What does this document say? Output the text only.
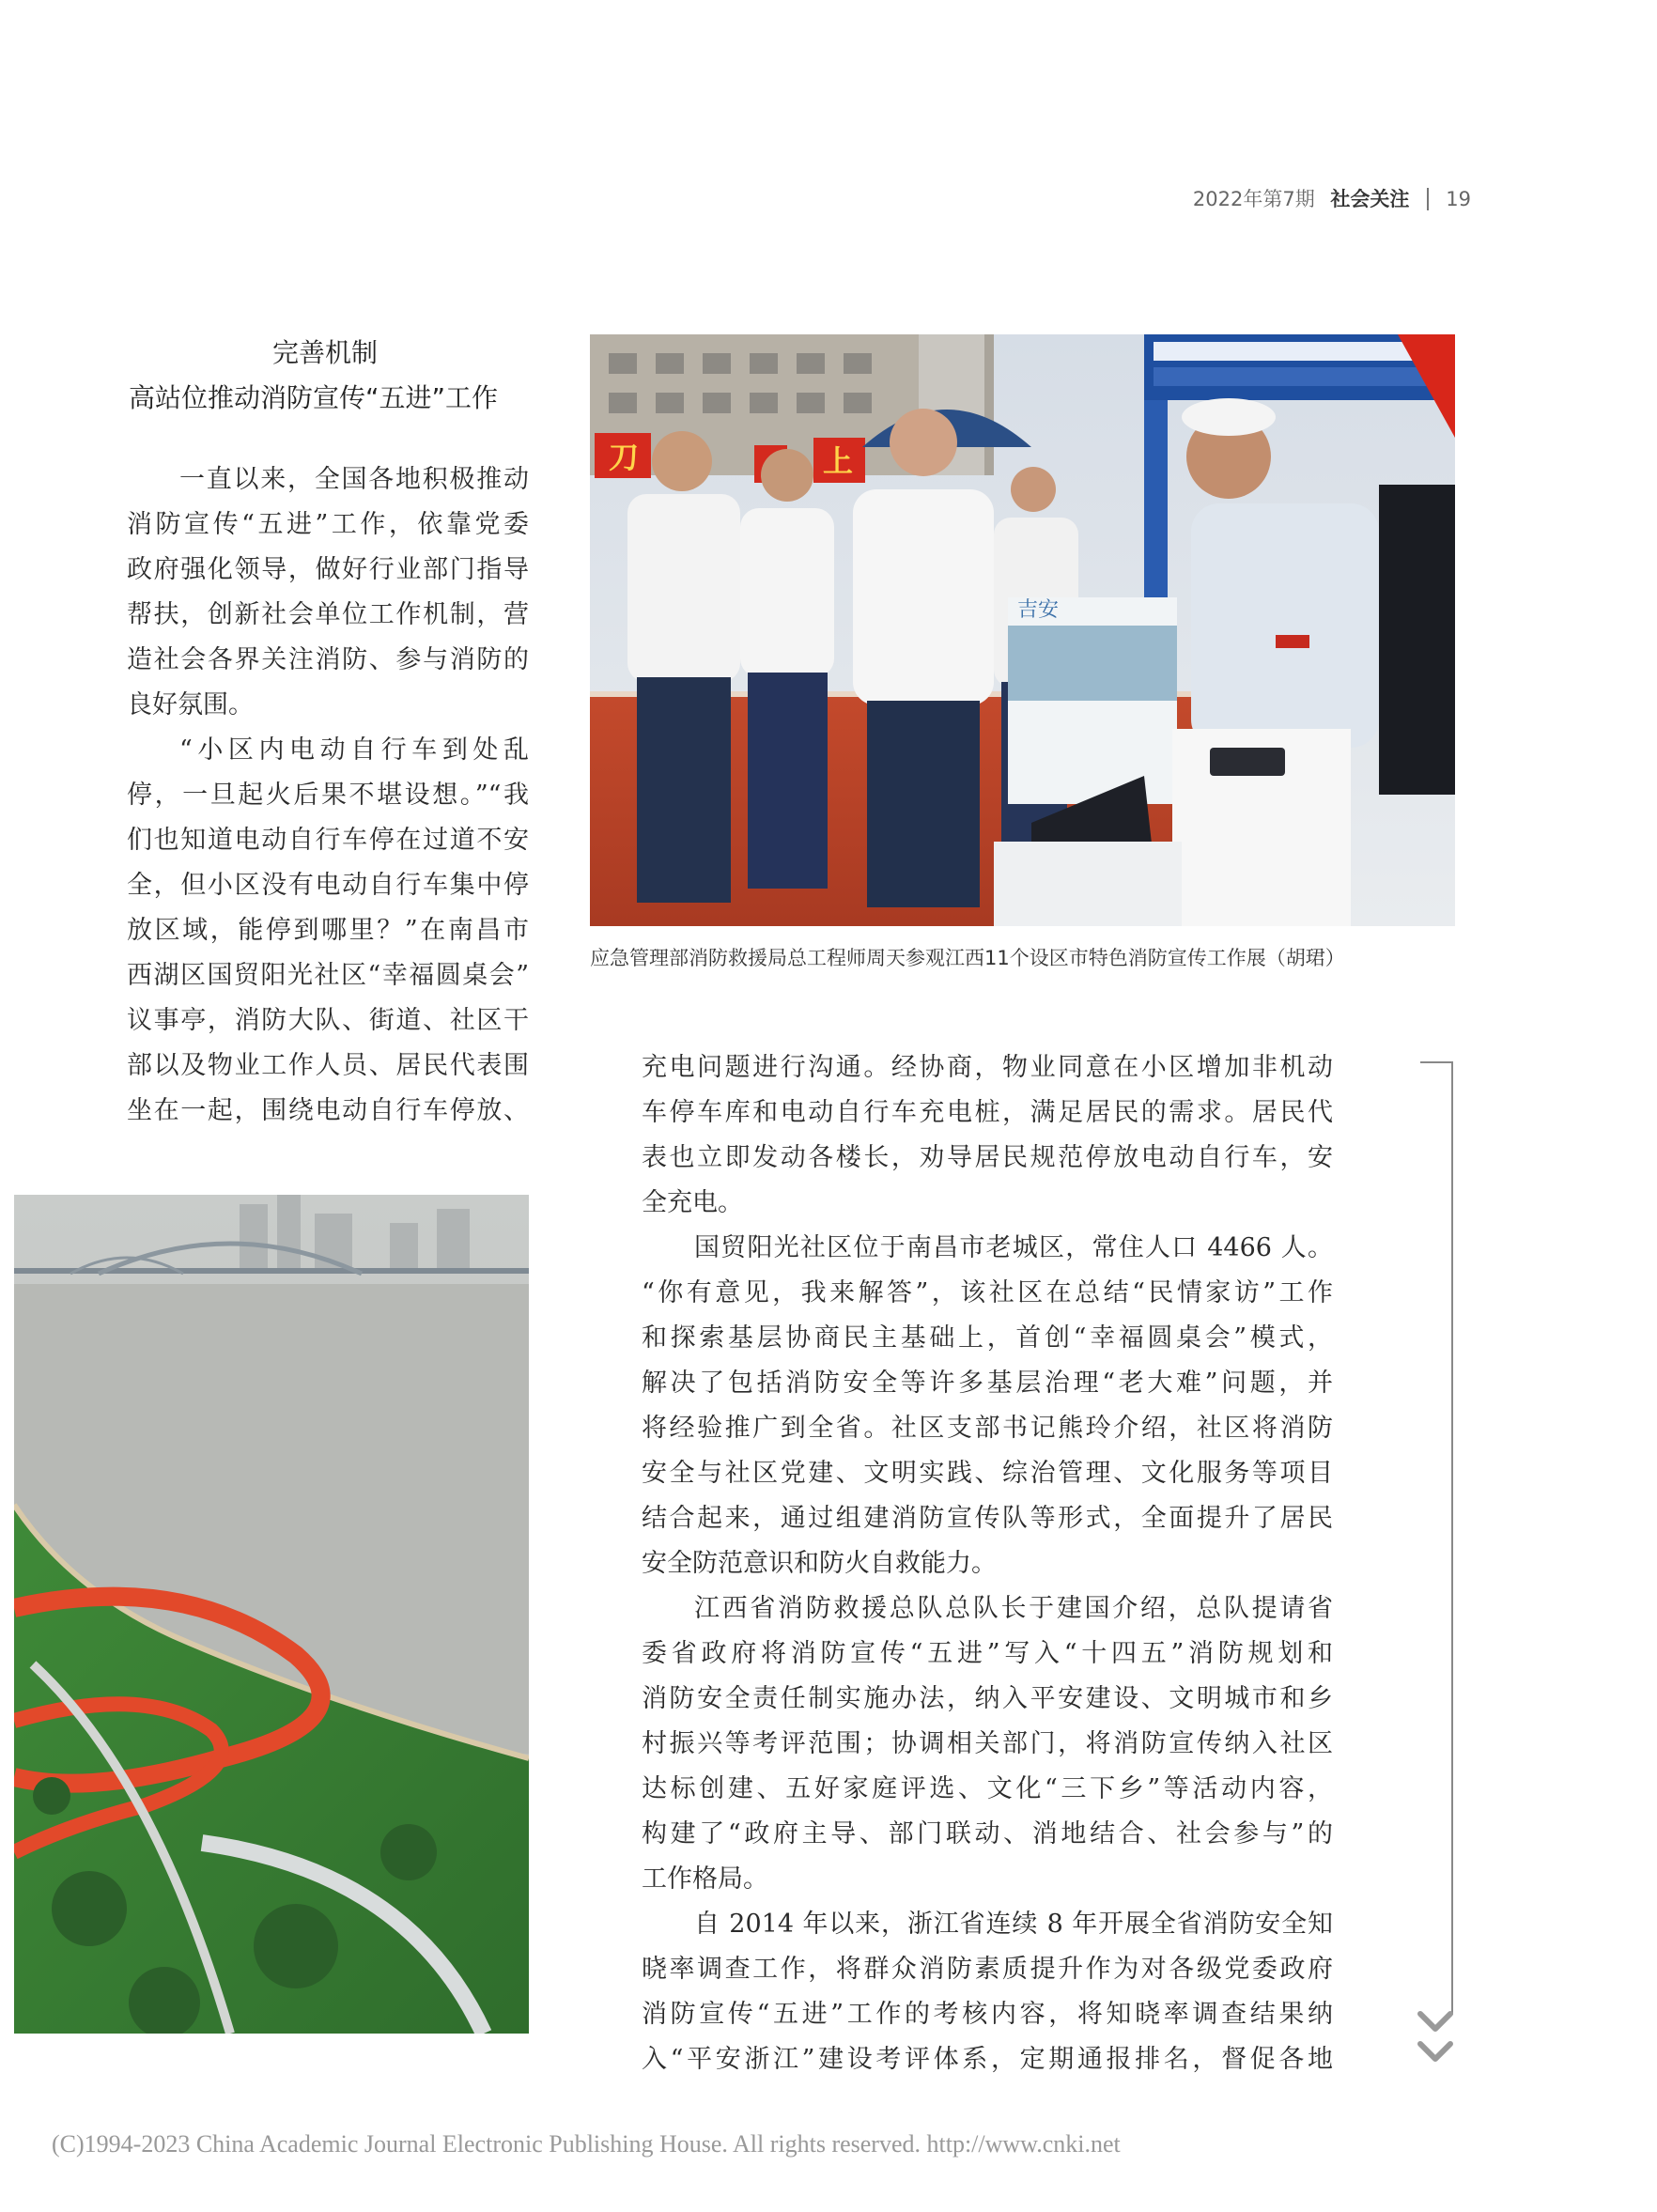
2022年第7期 社会关注 19
完善机制
高站位推动消防宣传“五进”工作

一直以来，全国各地积极推动

消防宣传“五进”工作，依靠党委

政府强化领导，做好行业部门指导

帮扶，创新社会单位工作机制，营

造社会各界关注消防、参与消防的

良好氛围。

“小区内电动自行车到处乱

停，一旦起火后果不堪设想。”“我

们也知道电动自行车停在过道不安

全，但小区没有电动自行车集中停

放区域，能停到哪里？”在南昌市

西湖区国贸阳光社区“幸福圆桌会”

议事亭，消防大队、街道、社区干

部以及物业工作人员、居民代表围

坐在一起，围绕电动自行车停放、

刀	上
吉安
应急管理部消防救援局总工程师周天参观江西11个设区市特色消防宣传工作展（胡珺）

充电问题进行沟通。经协商，物业同意在小区增加非机动

车停车库和电动自行车充电桩，满足居民的需求。居民代

表也立即发动各楼长，劝导居民规范停放电动自行车，安

全充电。

国贸阳光社区位于南昌市老城区，常住人口 4466 人。

“你有意见，我来解答”，该社区在总结“民情家访”工作

和探索基层协商民主基础上，首创“幸福圆桌会”模式，

解决了包括消防安全等许多基层治理“老大难”问题，并

将经验推广到全省。社区支部书记熊玲介绍，社区将消防

安全与社区党建、文明实践、综治管理、文化服务等项目

结合起来，通过组建消防宣传队等形式，全面提升了居民

安全防范意识和防火自救能力。

江西省消防救援总队总队长于建国介绍，总队提请省

委省政府将消防宣传“五进”写入“十四五”消防规划和

消防安全责任制实施办法，纳入平安建设、文明城市和乡

村振兴等考评范围；协调相关部门，将消防宣传纳入社区

达标创建、五好家庭评选、文化“三下乡”等活动内容，

构建了“政府主导、部门联动、消地结合、社会参与”的

工作格局。

自 2014 年以来，浙江省连续 8 年开展全省消防安全知

晓率调查工作，将群众消防素质提升作为对各级党委政府

消防宣传“五进”工作的考核内容，将知晓率调查结果纳

入“平安浙江”建设考评体系，定期通报排名，督促各地

(C)1994-2023 China Academic Journal Electronic Publishing House. All rights reserved. http://www.cnki.net
